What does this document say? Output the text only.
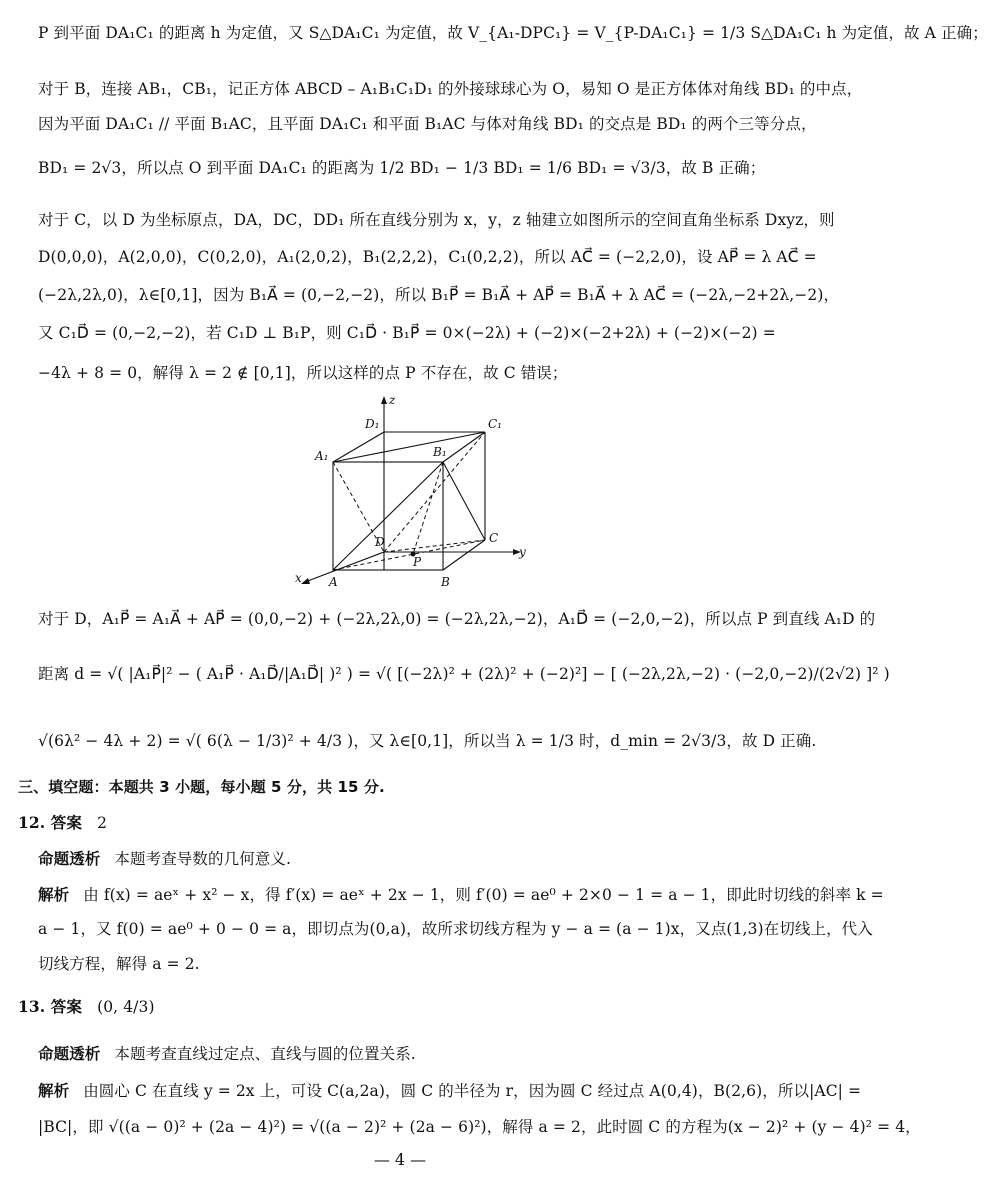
P 到平面 DA₁C₁ 的距离 h 为定值，又 S△DA₁C₁ 为定值，故 V_{A₁-DPC₁} = V_{P-DA₁C₁} = 1/3 S△DA₁C₁ h 为定值，故 A 正确；
对于 B，连接 AB₁，CB₁，记正方体 ABCD – A₁B₁C₁D₁ 的外接球球心为 O，易知 O 是正方体体对角线 BD₁ 的中点，
因为平面 DA₁C₁ // 平面 B₁AC，且平面 DA₁C₁ 和平面 B₁AC 与体对角线 BD₁ 的交点是 BD₁ 的两个三等分点，
BD₁ = 2√3，所以点 O 到平面 DA₁C₁ 的距离为 1/2 BD₁ − 1/3 BD₁ = 1/6 BD₁ = √3/3，故 B 正确；
对于 C，以 D 为坐标原点，DA，DC，DD₁ 所在直线分别为 x，y，z 轴建立如图所示的空间直角坐标系 Dxyz，则
D(0,0,0)，A(2,0,0)，C(0,2,0)，A₁(2,0,2)，B₁(2,2,2)，C₁(0,2,2)，所以 AC⃗ = (−2,2,0)，设 AP⃗ = λ AC⃗ =
(−2λ,2λ,0)，λ∈[0,1]，因为 B₁A⃗ = (0,−2,−2)，所以 B₁P⃗ = B₁A⃗ + AP⃗ = B₁A⃗ + λ AC⃗ = (−2λ,−2+2λ,−2)，
又 C₁D⃗ = (0,−2,−2)，若 C₁D ⊥ B₁P，则 C₁D⃗ · B₁P⃗ = 0×(−2λ) + (−2)×(−2+2λ) + (−2)×(−2) =
−4λ + 8 = 0，解得 λ = 2 ∉ [0,1]，所以这样的点 P 不存在，故 C 错误；
z
D₁	C₁
A₁	B₁
D
P
C
y
x A	B
对于 D，A₁P⃗ = A₁A⃗ + AP⃗ = (0,0,−2) + (−2λ,2λ,0) = (−2λ,2λ,−2)，A₁D⃗ = (−2,0,−2)，所以点 P 到直线 A₁D 的
距离 d = √( |A₁P⃗|² − ( A₁P⃗ · A₁D⃗/|A₁D⃗| )² ) = √( [(−2λ)² + (2λ)² + (−2)²] − [ (−2λ,2λ,−2) · (−2,0,−2)/(2√2) ]² )
√(6λ² − 4λ + 2) = √( 6(λ − 1/3)² + 4/3 )，又 λ∈[0,1]，所以当 λ = 1/3 时，d_min = 2√3/3，故 D 正确.
三、填空题：本题共 3 小题，每小题 5 分，共 15 分.
12. 答案 2
命题透析 本题考查导数的几何意义.
解析 由 f(x) = aeˣ + x² − x，得 f′(x) = aeˣ + 2x − 1，则 f′(0) = ae⁰ + 2×0 − 1 = a − 1，即此时切线的斜率 k =
a − 1，又 f(0) = ae⁰ + 0 − 0 = a，即切点为(0,a)，故所求切线方程为 y − a = (a − 1)x，又点(1,3)在切线上，代入
切线方程，解得 a = 2.
13. 答案 (0, 4/3)
命题透析 本题考查直线过定点、直线与圆的位置关系.
解析 由圆心 C 在直线 y = 2x 上，可设 C(a,2a)，圆 C 的半径为 r，因为圆 C 经过点 A(0,4)，B(2,6)，所以|AC| =
|BC|，即 √((a − 0)² + (2a − 4)²) = √((a − 2)² + (2a − 6)²)，解得 a = 2，此时圆 C 的方程为(x − 2)² + (y − 4)² = 4，
— 4 —
